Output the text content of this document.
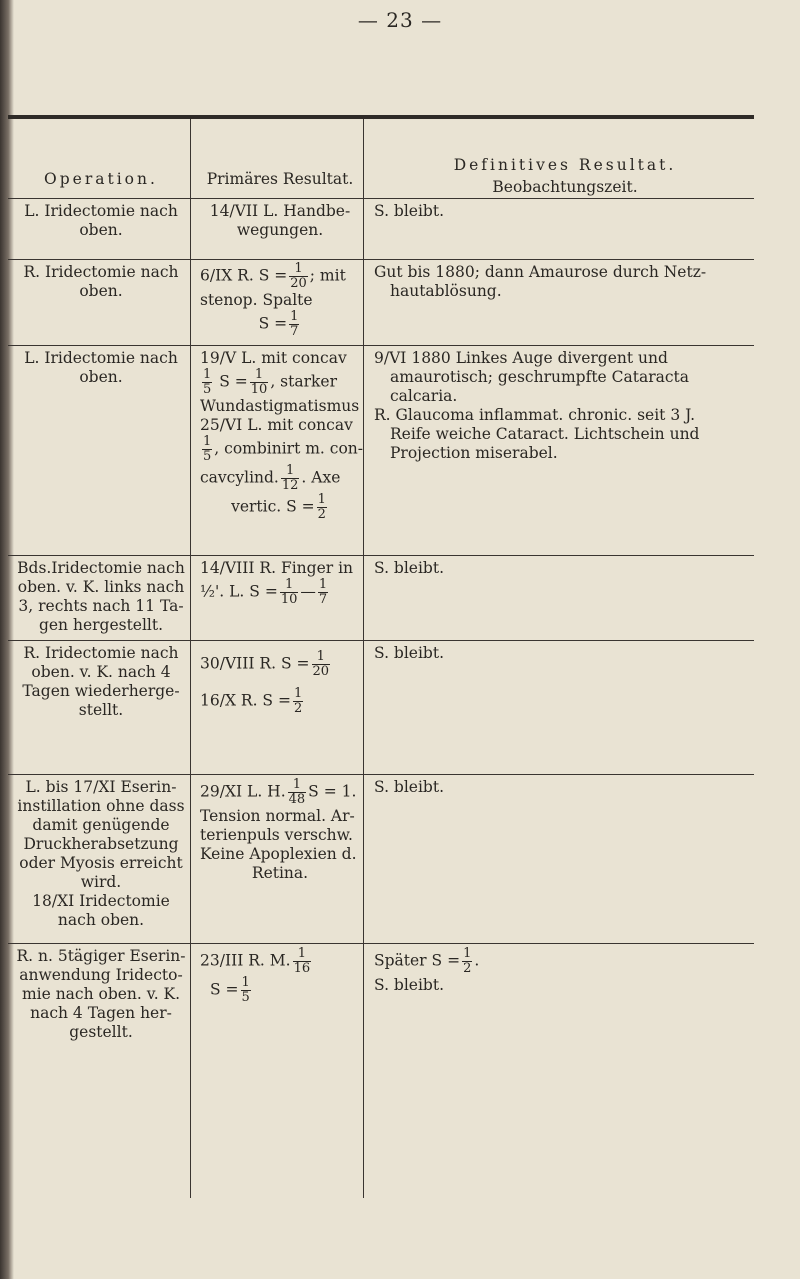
— 23 —
Operation.	Primäres Resultat.
Definitives Resultat.
Beobachtungszeit.
L. Iridectomie nach
oben.
14/VII L. Handbe-
wegungen.
S. bleibt.
R. Iridectomie nach
oben.
6/IX R. $S = \frac{1}{20}$ ; mit
stenop. Spalte
$S = \frac{1}{7}$
Gut bis 1880; dann Amaurose durch Netz-
hautablösung.
L. Iridectomie nach
oben.
19/V L. mit concav
$\frac{1}{5}$ $S = \frac{1}{10}$ , starker
Wundastigmatismus
25/VI L. mit concav
$\frac{1}{5}$ , combinirt m. con-
cavcylind. $\frac{1}{12}$ . Axe
vertic. $S = \frac{1}{2}$
9/VI 1880 Linkes Auge divergent und
amaurotisch; geschrumpfte Cataracta
calcaria.
R. Glaucoma inflammat. chronic. seit 3 J.
Reife weiche Cataract. Lichtschein und
Projection miserabel.
Bds.Iridectomie nach
oben. v. K. links nach
3, rechts nach 11 Ta-
gen hergestellt.
14/VIII R. Finger in
½'. L. $S = \frac{1}{10}$ — $\frac{1}{7}$
S. bleibt.
R. Iridectomie nach
oben. v. K. nach 4
Tagen wiederherge-
stellt.
30/VIII R. $S = \frac{1}{20}$
16/X R. $S = \frac{1}{2}$
S. bleibt.
L. bis 17/XI Eserin-
instillation ohne dass
damit genügende
Druckherabsetzung
oder Myosis erreicht
wird.
18/XI Iridectomie
nach oben.
29/XI L. H. $\frac{1}{48}$ S = 1.
Tension normal. Ar-
terienpuls verschw.
Keine Apoplexien d.
Retina.
S. bleibt.
R. n. 5tägiger Eserin-
anwendung Iridecto-
mie nach oben. v. K.
nach 4 Tagen her-
gestellt.
23/III R. M. $\frac{1}{16}$
$S = \frac{1}{5}$
Später $S = \frac{1}{2}$ .
S. bleibt.
